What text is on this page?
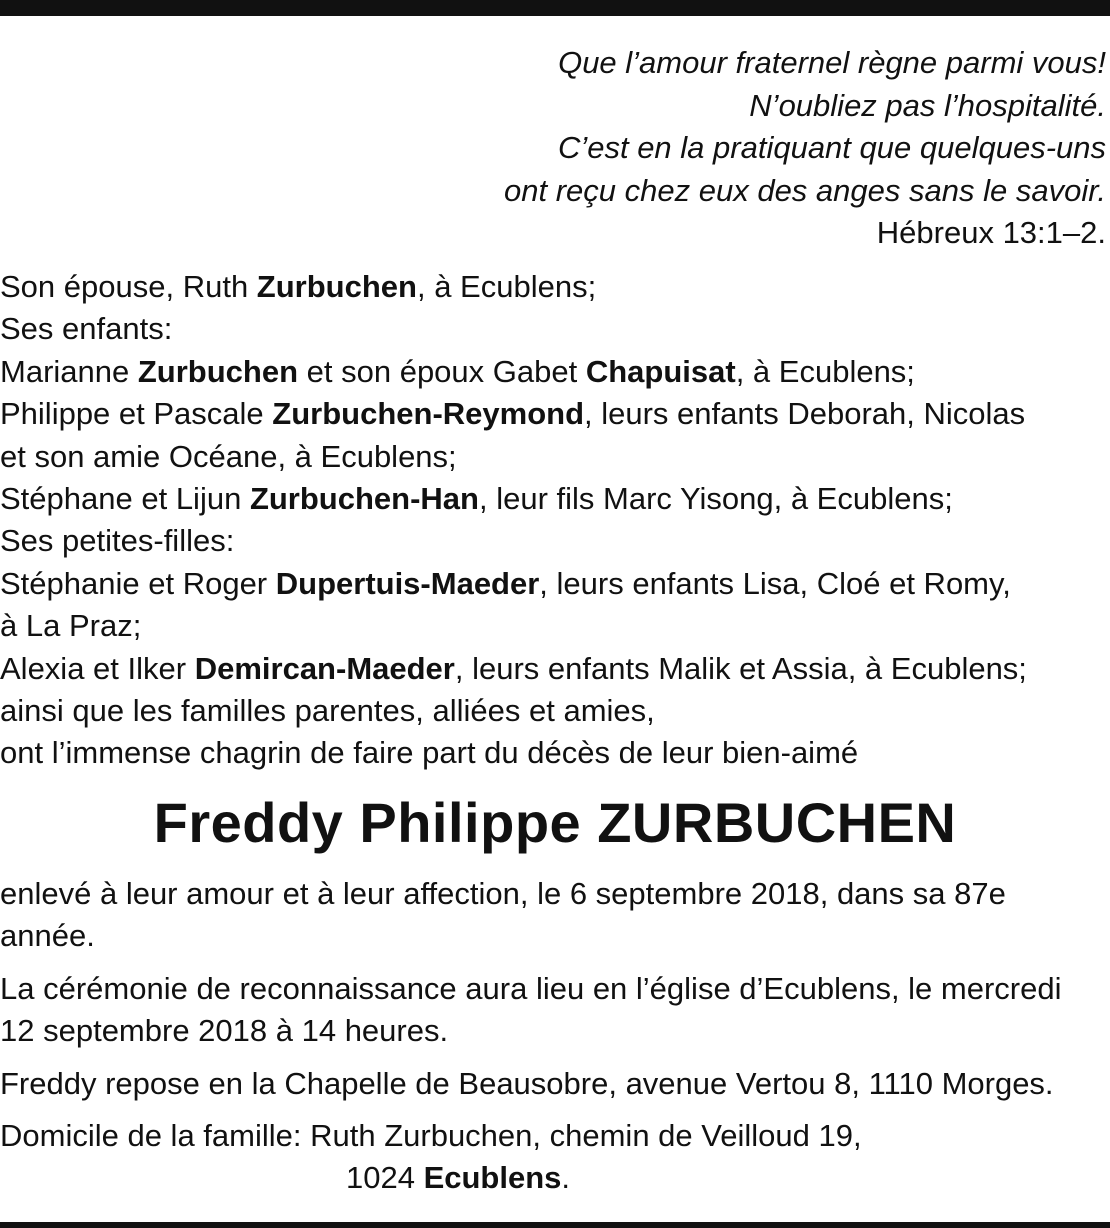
Que l’amour fraternel règne parmi vous!
N’oubliez pas l’hospitalité.
C’est en la pratiquant que quelques-uns
ont reçu chez eux des anges sans le savoir.
Hébreux 13:1–2.
Son épouse, Ruth Zurbuchen, à Ecublens;
Ses enfants:
Marianne Zurbuchen et son époux Gabet Chapuisat, à Ecublens;
Philippe et Pascale Zurbuchen-Reymond, leurs enfants Deborah, Nicolas
et son amie Océane, à Ecublens;
Stéphane et Lijun Zurbuchen-Han, leur fils Marc Yisong, à Ecublens;
Ses petites-filles:
Stéphanie et Roger Dupertuis-Maeder, leurs enfants Lisa, Cloé et Romy,
à La Praz;
Alexia et Ilker Demircan-Maeder, leurs enfants Malik et Assia, à Ecublens;
ainsi que les familles parentes, alliées et amies,
ont l’immense chagrin de faire part du décès de leur bien-aimé
Freddy Philippe ZURBUCHEN

enlevé à leur amour et à leur affection, le 6 septembre 2018, dans sa 87e
année.

La cérémonie de reconnaissance aura lieu en l’église d’Ecublens, le mercredi
12 septembre 2018 à 14 heures.

Freddy repose en la Chapelle de Beausobre, avenue Vertou 8, 1110 Morges.

Domicile de la famille: Ruth Zurbuchen, chemin de Veilloud 19,
1024 Ecublens.
